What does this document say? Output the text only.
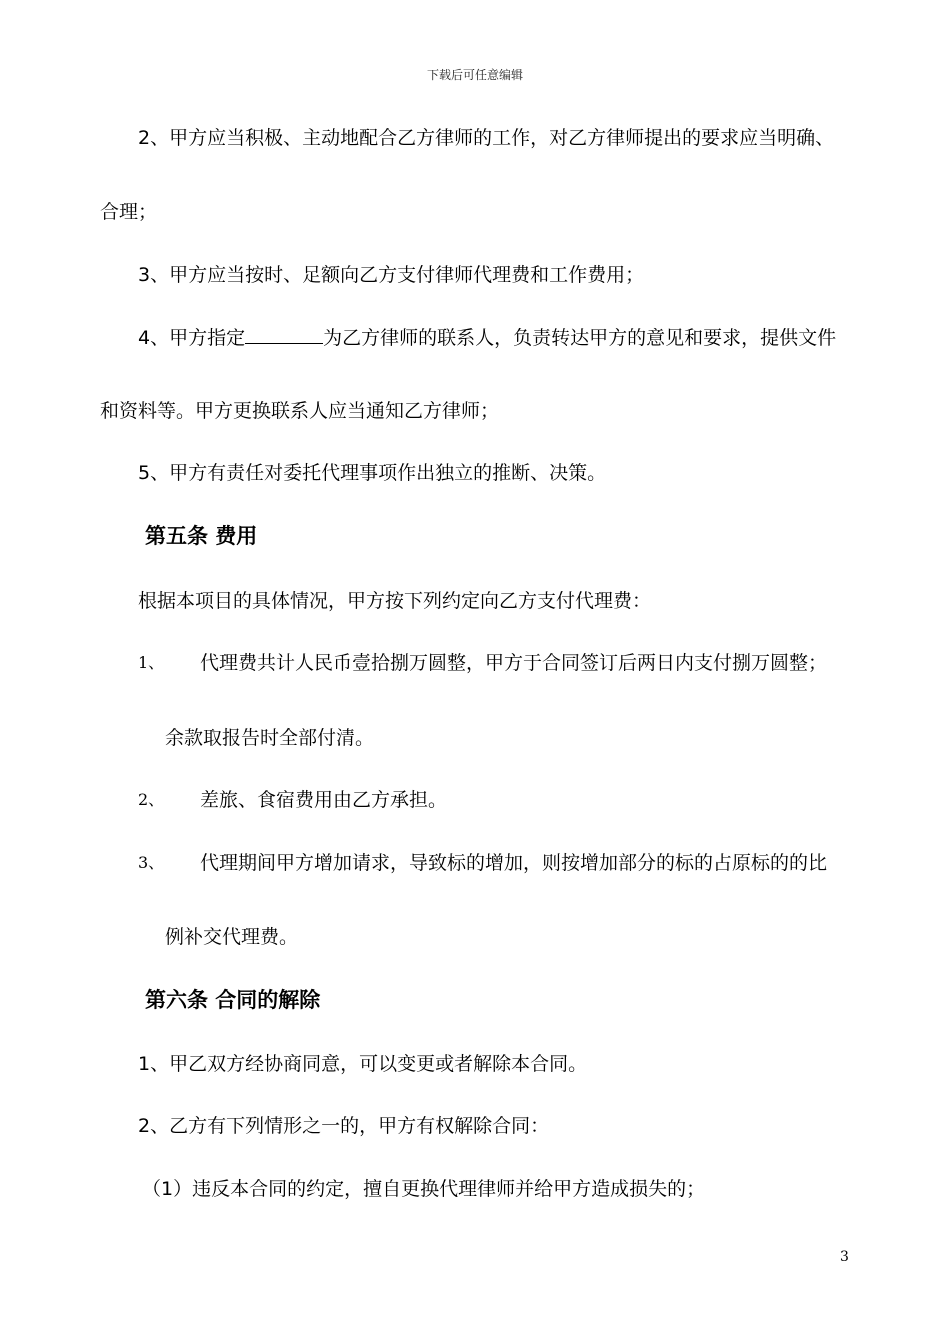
下载后可任意编辑
2、甲方应当积极、主动地配合乙方律师的工作，对乙方律师提出的要求应当明确、
合理；
3、甲方应当按时、足额向乙方支付律师代理费和工作费用；
4、甲方指定	为乙方律师的联系人，负责转达甲方的意见和要求，提供文件
和资料等。甲方更换联系人应当通知乙方律师；
5、甲方有责任对委托代理事项作出独立的推断、决策。
第五条 费用
根据本项目的具体情况，甲方按下列约定向乙方支付代理费：
1、 代理费共计人民币壹拾捌万圆整，甲方于合同签订后两日内支付捌万圆整；
余款取报告时全部付清。
2、 差旅、食宿费用由乙方承担。
3、 代理期间甲方增加请求，导致标的增加，则按增加部分的标的占原标的的比
例补交代理费。
第六条 合同的解除
1、甲乙双方经协商同意，可以变更或者解除本合同。
2、乙方有下列情形之一的，甲方有权解除合同：
（1）违反本合同的约定，擅自更换代理律师并给甲方造成损失的；
3
